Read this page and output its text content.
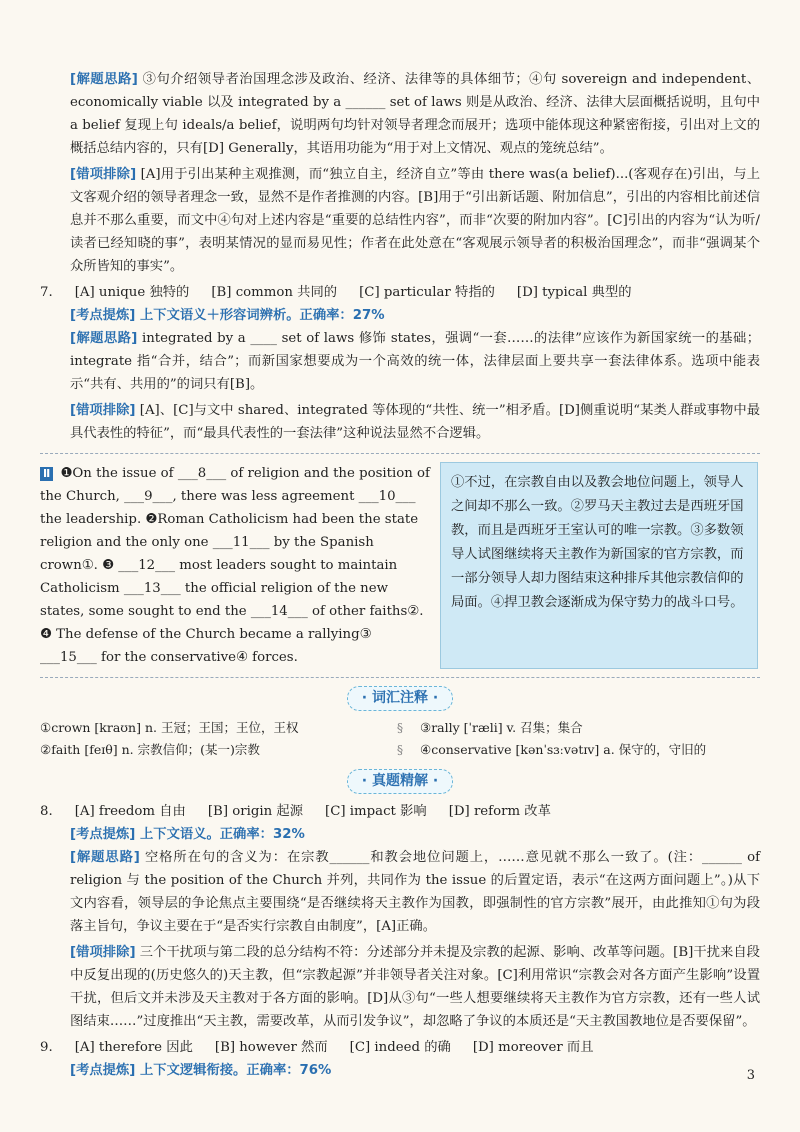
[解题思路] ③句介绍领导者治国理念涉及政治、经济、法律等的具体细节；④句 sovereign and independent、economically viable 以及 integrated by a ______ set of laws 则是从政治、经济、法律大层面概括说明，且句中 a belief 复现上句 ideals/a belief，说明两句均针对领导者理念而展开；选项中能体现这种紧密衔接，引出对上文的概括总结内容的，只有[D] Generally，其语用功能为“用于对上文情况、观点的笼统总结”。

[错项排除] [A]用于引出某种主观推测，而“独立自主，经济自立”等由 there was(a belief)...(客观存在)引出，与上文客观介绍的领导者理念一致，显然不是作者推测的内容。[B]用于“引出新话题、附加信息”，引出的内容相比前述信息并不那么重要，而文中④句对上述内容是“重要的总结性内容”，而非“次要的附加内容”。[C]引出的内容为“认为听/读者已经知晓的事”，表明某情况的显而易见性；作者在此处意在“客观展示领导者的积极治国理念”，而非“强调某个众所皆知的事实”。

7. [A] unique 独特的 [B] common 共同的 [C] particular 特指的 [D] typical 典型的
[考点提炼] 上下文语义＋形容词辨析。正确率：27%

[解题思路] integrated by a ____ set of laws 修饰 states，强调“一套……的法律”应该作为新国家统一的基础；integrate 指“合并，结合”；而新国家想要成为一个高效的统一体，法律层面上要共享一套法律体系。选项中能表示“共有、共用的”的词只有[B]。

[错项排除] [A]、[C]与文中 shared、integrated 等体现的“共性、统一”相矛盾。[D]侧重说明“某类人群或事物中最具代表性的特征”，而“最具代表性的一套法律”这种说法显然不合逻辑。

Ⅱ ❶On the issue of ___8___ of religion and the position of the Church, ___9___, there was less agreement ___10___ the leadership. ❷Roman Catholicism had been the state religion and the only one ___11___ by the Spanish crown①. ❸ ___12___ most leaders sought to maintain Catholicism ___13___ the official religion of the new states, some sought to end the ___14___ of other faiths②. ❹ The defense of the Church became a rallying③ ___15___ for the conservative④ forces.
①不过，在宗教自由以及教会地位问题上，领导人之间却不那么一致。②罗马天主教过去是西班牙国教，而且是西班牙王室认可的唯一宗教。③多数领导人试图继续将天主教作为新国家的官方宗教，而一部分领导人却力图结束这种排斥其他宗教信仰的局面。④捍卫教会逐渐成为保守势力的战斗口号。
· 词汇注释 ·
①crown [kraʊn] n. 王冠；王国；王位，王权
②faith [feɪθ] n. 宗教信仰；(某一)宗教
§
§
③rally [ˈræli] v. 召集；集合
④conservative [kənˈsɜːvətɪv] a. 保守的，守旧的
· 真题精解 ·
8. [A] freedom 自由 [B] origin 起源 [C] impact 影响 [D] reform 改革
[考点提炼] 上下文语义。正确率：32%

[解题思路] 空格所在句的含义为：在宗教______和教会地位问题上，……意见就不那么一致了。(注：______ of religion 与 the position of the Church 并列，共同作为 the issue 的后置定语，表示“在这两方面问题上”。)从下文内容看，领导层的争论焦点主要围绕“是否继续将天主教作为国教，即强制性的官方宗教”展开，由此推知①句为段落主旨句，争议主要在于“是否实行宗教自由制度”，[A]正确。

[错项排除] 三个干扰项与第二段的总分结构不符：分述部分并未提及宗教的起源、影响、改革等问题。[B]干扰来自段中反复出现的(历史悠久的)天主教，但“宗教起源”并非领导者关注对象。[C]利用常识“宗教会对各方面产生影响”设置干扰，但后文并未涉及天主教对于各方面的影响。[D]从③句“一些人想要继续将天主教作为官方宗教，还有一些人试图结束……”过度推出“天主教，需要改革，从而引发争议”，却忽略了争议的本质还是“天主教国教地位是否要保留”。

9. [A] therefore 因此 [B] however 然而 [C] indeed 的确 [D] moreover 而且
[考点提炼] 上下文逻辑衔接。正确率：76%	3
